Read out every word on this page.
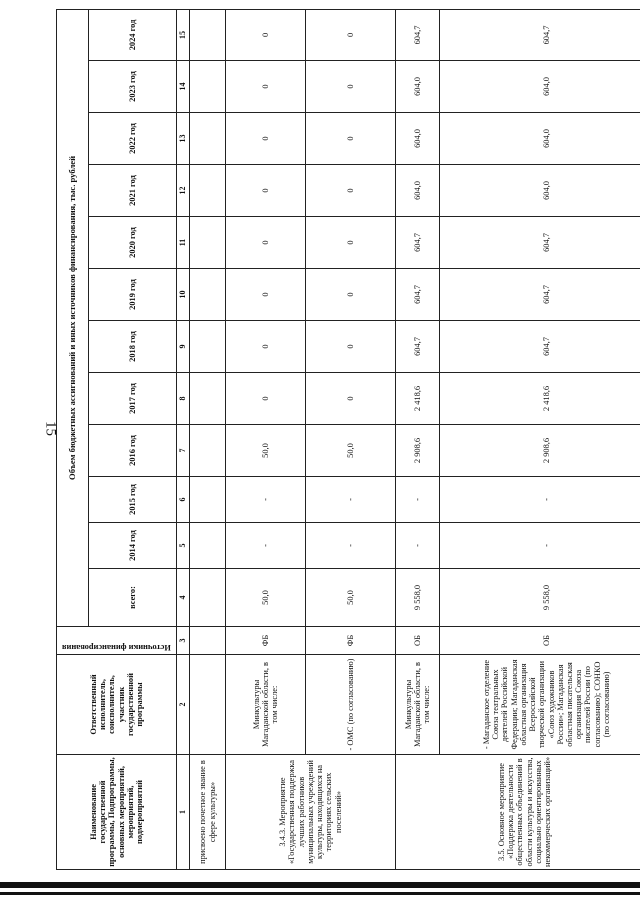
15
Наименование государственной программы, Подпрограммы, основных мероприятий, мероприятий, подмероприятий	Ответственный исполнитель, соисполнитель, участник государственной программы	Источники финансирования	Объем бюджетных ассигнований и иных источников финансирования, тыс. рублей											
			всего:	2014 год	2015 год	2016 год	2017 год	2018 год	2019 год	2020 год	2021 год	2022 год	2023 год	2024 год
1	2	3	4	5	6	7	8	9	10	11	12	13	14	15
присвоено почетное звание в сфере культуры»														
3.4.3. Мероприятие «Государственная поддержка лучших работников муниципальных учреждений культуры, находящихся на территориях сельских поселений»	Минкультуры Магаданской области, в том числе:	ФБ	50,0	-	-	50,0	0	0	0	0	0	0	0	0
	- ОМС (по согласованию)	ФБ	50,0	-	-	50,0	0	0	0	0	0	0	0	0
3.5. Основное мероприятие «Поддержка деятельности общественных объединений в области культуры и искусства, социально ориентированных некоммерческих организаций»	Минкультуры Магаданской области, в том числе:	ОБ	9 558,0	-	-	2 908,6	2 418,6	604,7	604,7	604,7	604,0	604,0	604,0	604,7
	- Магаданское отделение Союза театральных деятелей Российской Федерации; Магаданская областная организация Всероссийской творческой организации «Союз художников России»; Магаданская областная писательская организация Союза писателей России (по согласованию); СОНКО (по согласованию)	ОБ	9 558,0	-	-	2 908,6	2 418,6	604,7	604,7	604,7	604,0	604,0	604,0	604,7
